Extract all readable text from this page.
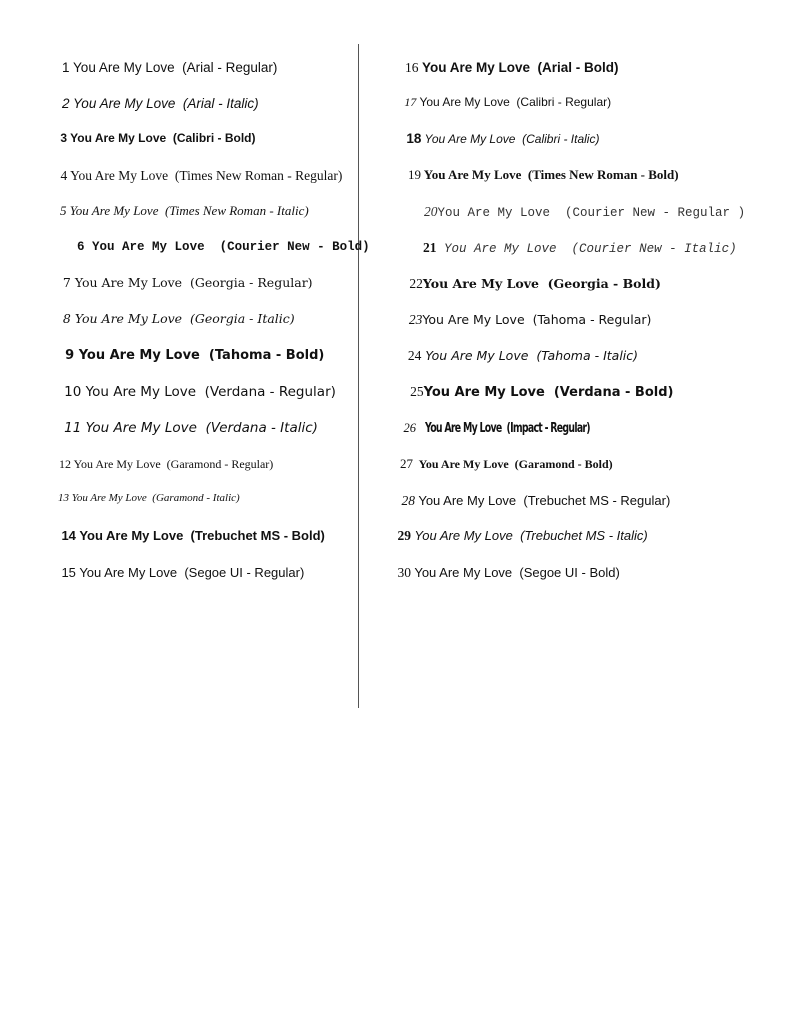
1 You Are My Love  (Arial - Regular)

2 You Are My Love  (Arial - Italic)

3 You Are My Love  (Calibri - Bold)

4 You Are My Love  (Times New Roman - Regular)

5 You Are My Love  (Times New Roman - Italic)

6 You Are My Love  (Courier New - Bold)

7 You Are My Love  (Georgia - Regular)

8 You Are My Love  (Georgia - Italic)

9 You Are My Love  (Tahoma - Bold)

10 You Are My Love  (Verdana - Regular)

11 You Are My Love  (Verdana - Italic)

12 You Are My Love  (Garamond - Regular)

13 You Are My Love  (Garamond - Italic)

14 You Are My Love  (Trebuchet MS - Bold)

15 You Are My Love  (Segoe UI - Regular)

16 You Are My Love  (Arial - Bold)

17 You Are My Love  (Calibri - Regular)

18 You Are My Love  (Calibri - Italic)

19 You Are My Love  (Times New Roman - Bold)

20You Are My Love  (Courier New - Regular )

21 You Are My Love  (Courier New - Italic)

22You Are My Love  (Georgia - Bold)

23You Are My Love  (Tahoma - Regular)

24 You Are My Love  (Tahoma - Italic)

25You Are My Love  (Verdana - Bold)

26 You Are My Love  (Impact - Regular)

27 You Are My Love  (Garamond - Bold)

28 You Are My Love  (Trebuchet MS - Regular)

29 You Are My Love  (Trebuchet MS - Italic)

30 You Are My Love  (Segoe UI - Bold)
